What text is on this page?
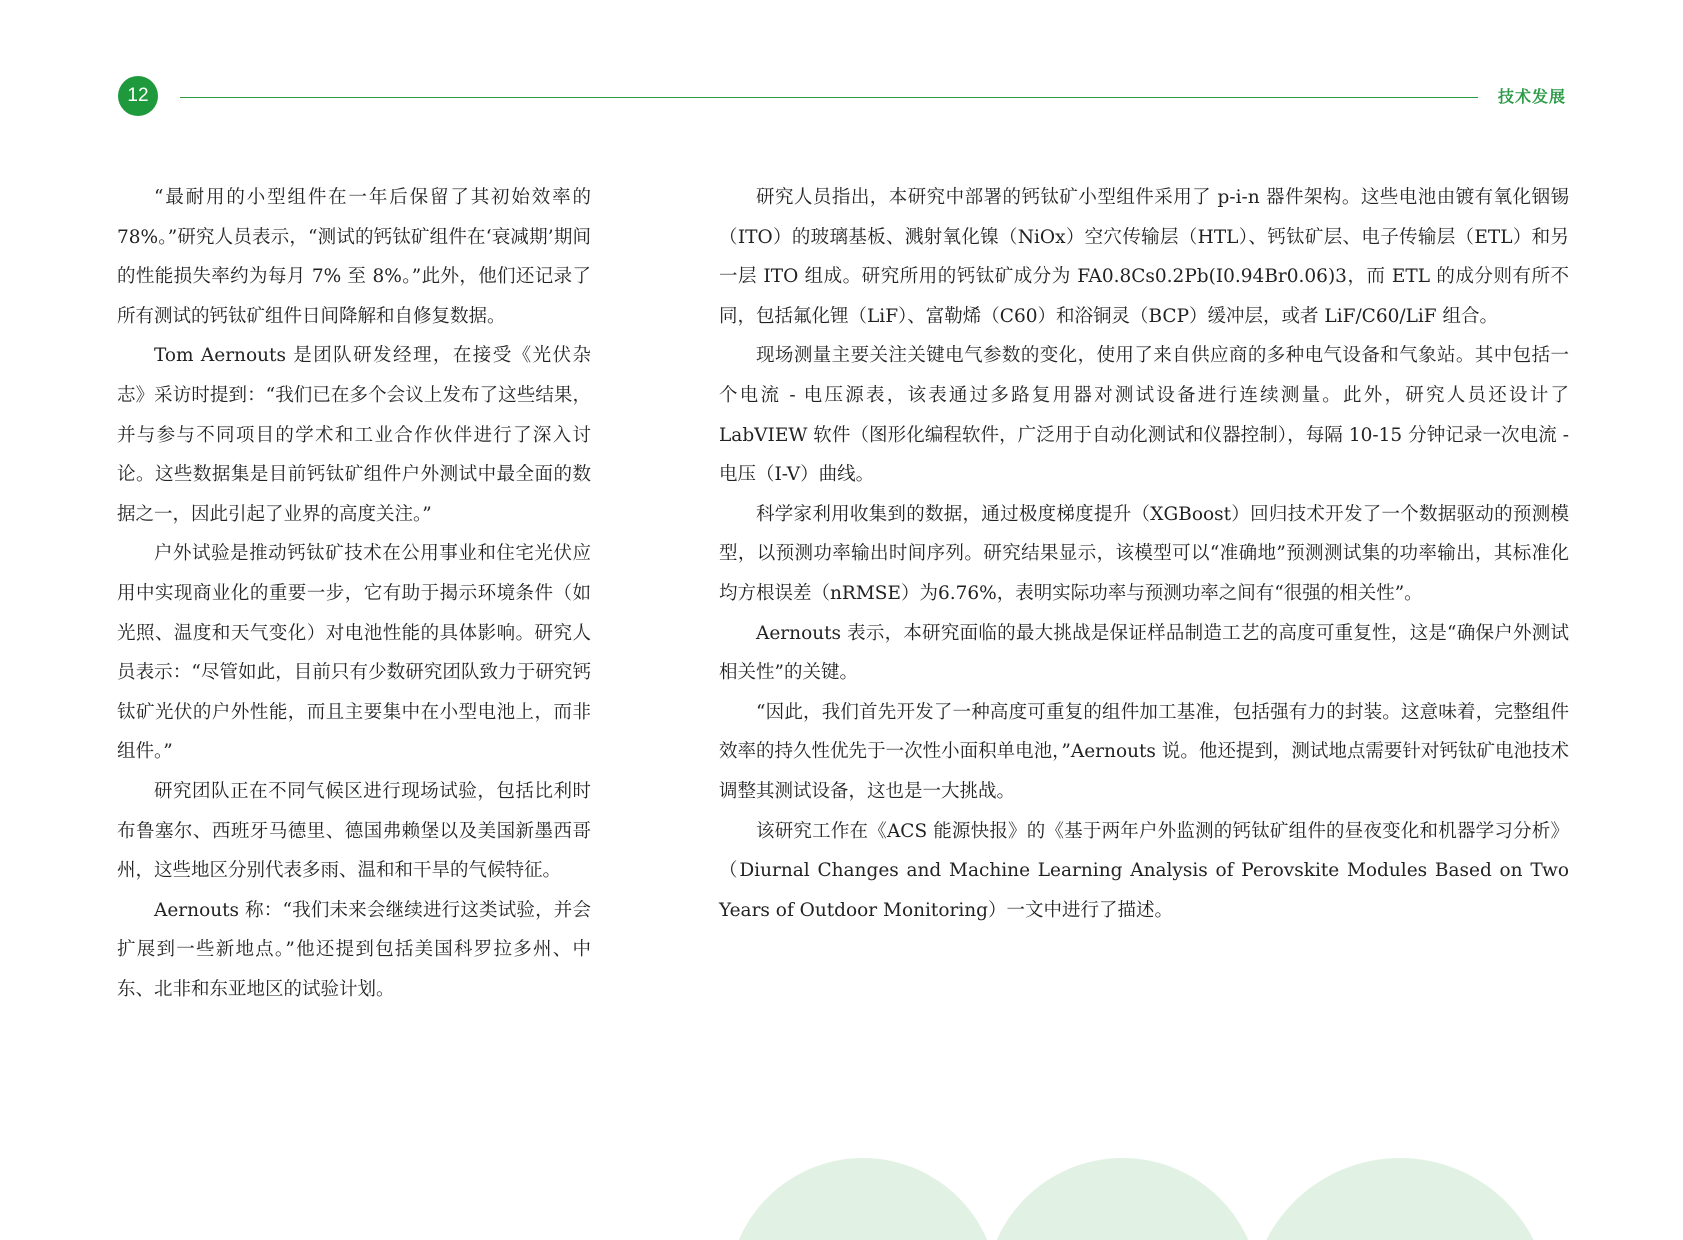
12	技术发展

“最耐用的小型组件在一年后保留了其初始效率的78%。”研究人员表示，“测试的钙钛矿组件在‘衰减期’期间的性能损失率约为每月 7% 至 8%。”此外，他们还记录了所有测试的钙钛矿组件日间降解和自修复数据。

Tom Aernouts 是团队研发经理，在接受《光伏杂志》采访时提到：“我们已在多个会议上发布了这些结果，并与参与不同项目的学术和工业合作伙伴进行了深入讨论。这些数据集是目前钙钛矿组件户外测试中最全面的数据之一，因此引起了业界的高度关注。”

户外试验是推动钙钛矿技术在公用事业和住宅光伏应用中实现商业化的重要一步，它有助于揭示环境条件（如光照、温度和天气变化）对电池性能的具体影响。研究人员表示：“尽管如此，目前只有少数研究团队致力于研究钙钛矿光伏的户外性能，而且主要集中在小型电池上，而非组件。”

研究团队正在不同气候区进行现场试验，包括比利时布鲁塞尔、西班牙马德里、德国弗赖堡以及美国新墨西哥州，这些地区分别代表多雨、温和和干旱的气候特征。

Aernouts 称：“我们未来会继续进行这类试验，并会扩展到一些新地点。”他还提到包括美国科罗拉多州、中东、北非和东亚地区的试验计划。

研究人员指出，本研究中部署的钙钛矿小型组件采用了 p-i-n 器件架构。这些电池由镀有氧化铟锡（ITO）的玻璃基板、溅射氧化镍（NiOx）空穴传输层（HTL）、钙钛矿层、电子传输层（ETL）和另一层 ITO 组成。研究所用的钙钛矿成分为 FA0.8Cs0.2Pb(I0.94Br0.06)3，而 ETL 的成分则有所不同，包括氟化锂（LiF）、富勒烯（C60）和浴铜灵（BCP）缓冲层，或者 LiF/C60/LiF 组合。

现场测量主要关注关键电气参数的变化，使用了来自供应商的多种电气设备和气象站。其中包括一个电流 - 电压源表，该表通过多路复用器对测试设备进行连续测量。此外，研究人员还设计了 LabVIEW 软件（图形化编程软件，广泛用于自动化测试和仪器控制），每隔 10-15 分钟记录一次电流 - 电压（I-V）曲线。

科学家利用收集到的数据，通过极度梯度提升（XGBoost）回归技术开发了一个数据驱动的预测模型，以预测功率输出时间序列。研究结果显示，该模型可以“准确地”预测测试集的功率输出，其标准化均方根误差（nRMSE）为6.76%，表明实际功率与预测功率之间有“很强的相关性”。

Aernouts 表示，本研究面临的最大挑战是保证样品制造工艺的高度可重复性，这是“确保户外测试相关性”的关键。

“因此，我们首先开发了一种高度可重复的组件加工基准，包括强有力的封装。这意味着，完整组件效率的持久性优先于一次性小面积单电池，”Aernouts 说。他还提到，测试地点需要针对钙钛矿电池技术调整其测试设备，这也是一大挑战。

该研究工作在《ACS 能源快报》的《基于两年户外监测的钙钛矿组件的昼夜变化和机器学习分析》（Diurnal Changes and Machine Learning Analysis of Perovskite Modules Based on Two Years of Outdoor Monitoring）一文中进行了描述。
